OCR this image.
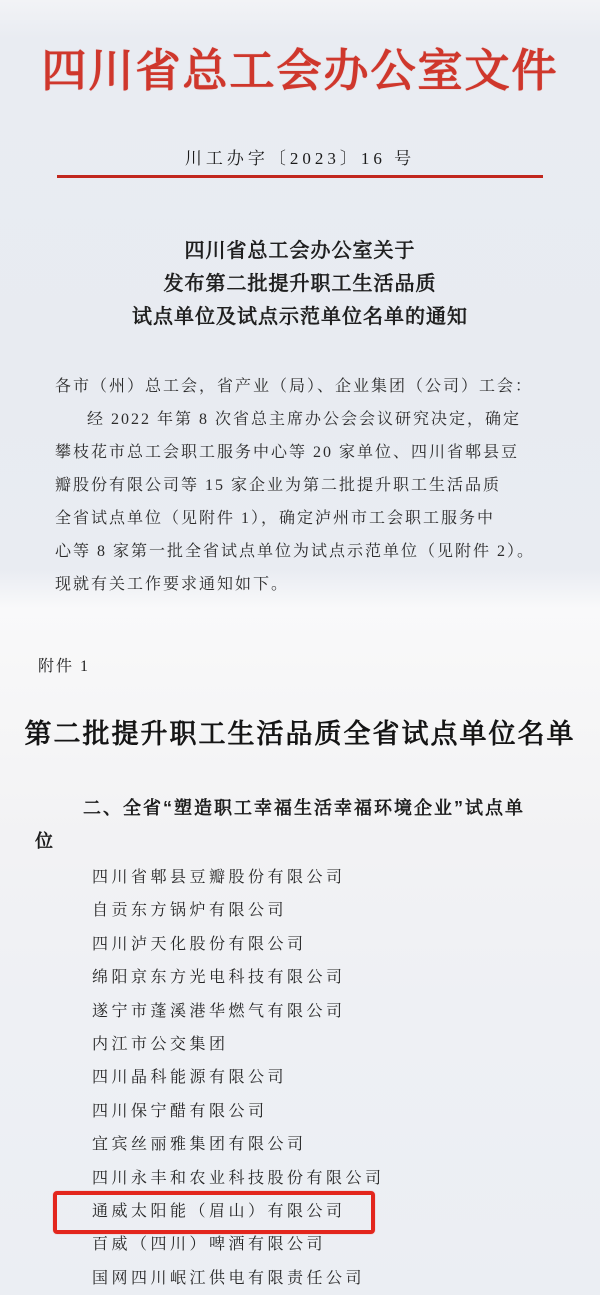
四川省总工会办公室文件
川工办字〔2023〕16 号
四川省总工会办公室关于
发布第二批提升职工生活品质
试点单位及试点示范单位名单的通知
各市（州）总工会，省产业（局）、企业集团（公司）工会：
经 2022 年第 8 次省总主席办公会会议研究决定，确定
攀枝花市总工会职工服务中心等 20 家单位、四川省郫县豆
瓣股份有限公司等 15 家企业为第二批提升职工生活品质
全省试点单位（见附件 1），确定泸州市工会职工服务中
心等 8 家第一批全省试点单位为试点示范单位（见附件 2）。
现就有关工作要求通知如下。
附件 1
第二批提升职工生活品质全省试点单位名单
二、全省“塑造职工幸福生活幸福环境企业”试点单
位
四川省郫县豆瓣股份有限公司
自贡东方锅炉有限公司
四川泸天化股份有限公司
绵阳京东方光电科技有限公司
遂宁市蓬溪港华燃气有限公司
内江市公交集团
四川晶科能源有限公司
四川保宁醋有限公司
宜宾丝丽雅集团有限公司
四川永丰和农业科技股份有限公司
通威太阳能（眉山）有限公司
百威（四川）啤酒有限公司
国网四川岷江供电有限责任公司
